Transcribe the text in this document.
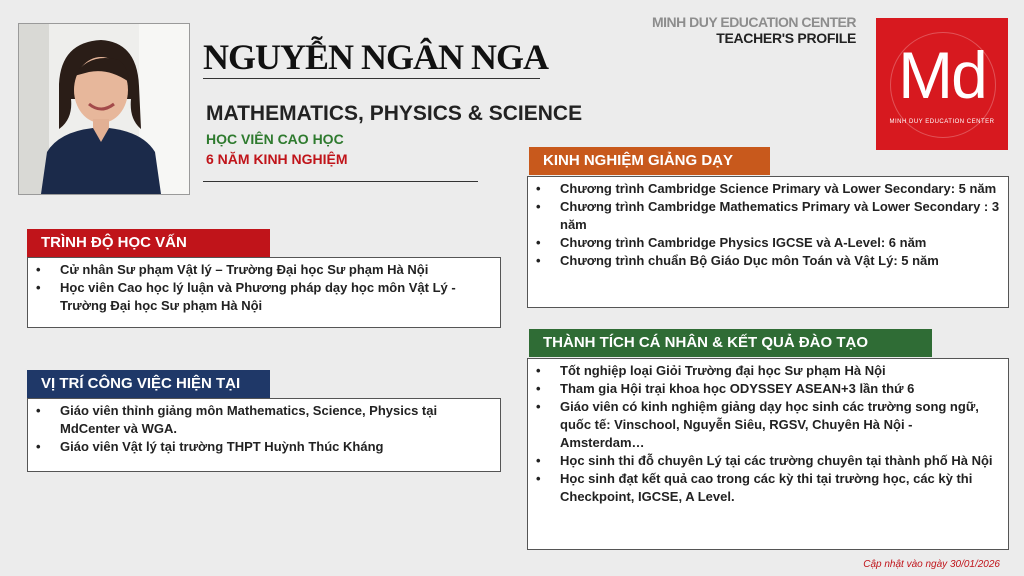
NGUYỄN NGÂN NGA
MATHEMATICS, PHYSICS & SCIENCE
HỌC VIÊN CAO HỌC
6 NĂM KINH NGHIỆM
MINH DUY EDUCATION CENTER
TEACHER'S PROFILE Md
MINH DUY EDUCATION CENTER
TRÌNH ĐỘ HỌC VẤN
• Cử nhân Sư phạm Vật lý – Trường Đại học Sư phạm Hà Nội
• Học viên Cao học lý luận và Phương pháp dạy học môn Vật Lý - Trường Đại học Sư phạm Hà Nội
VỊ TRÍ CÔNG VIỆC HIỆN TẠI
• Giáo viên thỉnh giảng môn Mathematics, Science, Physics tại MdCenter và WGA.
• Giáo viên Vật lý tại trường THPT Huỳnh Thúc Kháng
KINH NGHIỆM GIẢNG DẠY
• Chương trình Cambridge Science Primary và Lower Secondary: 5 năm
• Chương trình Cambridge Mathematics Primary và Lower Secondary : 3 năm
• Chương trình Cambridge Physics IGCSE và A-Level: 6 năm
• Chương trình chuẩn Bộ Giáo Dục môn Toán và Vật Lý: 5 năm
THÀNH TÍCH CÁ NHÂN & KẾT QUẢ ĐÀO TẠO
• Tốt nghiệp loại Giỏi Trường đại học Sư phạm Hà Nội
• Tham gia Hội trại khoa học ODYSSEY ASEAN+3 lần thứ 6
• Giáo viên có kinh nghiệm giảng dạy học sinh các trường song ngữ, quốc tế: Vinschool, Nguyễn Siêu, RGSV, Chuyên Hà Nội - Amsterdam…
• Học sinh thi đỗ chuyên Lý tại các trường chuyên tại thành phố Hà Nội
• Học sinh đạt kết quả cao trong các kỳ thi tại trường học, các kỳ thi Checkpoint, IGCSE, A Level.
Cập nhật vào ngày 30/01/2026
